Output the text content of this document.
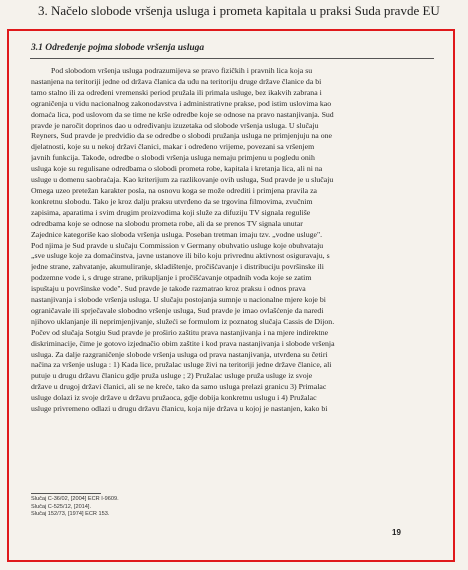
3. Načelo slobode vršenja usluga i prometa kapitala u praksi Suda pravde EU
3.1 Određenje pojma slobode vršenja usluga
Pod slobodom vršenja usluga podrazumijeva se pravo fizičkih i pravnih lica koja su
nastanjena na teritoriji jedne od država članica da uđu na teritoriju druge države članice da bi
tamo stalno ili za određeni vremenski period pružala ili primala usluge, bez ikakvih zabrana i
ograničenja u vidu nacionalnog zakonodavstva i administrativne prakse, pod istim uslovima kao
domaća lica, pod uslovom da se time ne krše odredbe koje se odnose na pravo nastanjivanja. Sud
pravde je naročit doprinos dao u određivanju izuzetaka od slobode vršenja usluga. U slučaju
Reyners, Sud pravde je predvidio da se odredbe o slobodi pružanja usluga ne primjenjuju na one
djelatnosti, koje su u nekoj državi članici, makar i određeno vrijeme, povezani sa vršenjem
javnih funkcija. Takođe, odredbe o slobodi vršenja usluga nemaju primjenu u pogledu onih
usluga koje su regulisane odredbama o slobodi prometa robe, kapitala i kretanja lica, ali ni na
usluge u domenu saobraćaja. Kao kriterijum za razlikovanje ovih usluga, Sud pravde je u slučaju
Omega uzeo pretežan karakter posla, na osnovu koga se može odrediti i primjena pravila za
konkretnu slobodu. Tako je kroz dalju praksu utvrđeno da se trgovina filmovima, zvučnim
zapisima, aparatima i svim drugim proizvodima koji služe za difuziju TV signala reguliše
odredbama koje se odnose na slobodu prometa robe, ali da se prenos TV signala unutar
Zajednice kategoriše kao sloboda vršenja usluga. Poseban tretman imaju tzv. „vodne usluge".
Pod njima je Sud pravde u slučaju Commission v Germany obuhvatio usluge koje obuhvataju
„sve usluge koje za domaćinstva, javne ustanove ili bilo koju privrednu aktivnost osiguravaju, s
jedne strane, zahvatanje, akumuliranje, skladištenje, pročišćavanje i distribuciju površinske ili
podzemne vode i, s druge strane, prikupljanje i pročišćavanje otpadnih voda koje se zatim
ispuštaju u površinske vode". Sud pravde je takođe razmatrao kroz praksu i odnos prava
nastanjivanja i slobode vršenja usluga. U slučaju postojanja sumnje u nacionalne mjere koje bi
ograničavale ili sprječavale slobodno vršenje usluga, Sud pravde je imao ovlašćenje da naredi
njihovo uklanjanje ili neprimjenjivanje, služeći se formulom iz poznatog slučaja Cassis de Dijon.
Počev od slučaja Sotgiu Sud pravde je proširio zaštitu prava nastanjivanja i na mjere indirektne
diskriminacije, čime je gotovo izjednačio obim zaštite i kod prava nastanjivanja i slobode vršenja
usluga. Za dalje razgraničenje slobode vršenja usluga od prava nastanjivanja, utvrđena su četiri
načina za vršenje usluga : 1) Kada lice, pružalac usluge živi na teritoriji jedne države članice, ali
putuje u drugu državu članicu gdje pruža usluge ; 2) Pružalac usluge pruža usluge iz svoje
države u drugoj državi članici, ali se ne kreće, tako da samo usluga prelazi granicu 3) Primalac
usluge dolazi iz svoje države u državu pružaoca, gdje dobija konkretnu uslugu i 4) Pružalac
usluge privremeno odlazi u drugu državu članicu, koja nije država u kojoj je nastanjen, kako bi
Slučaj C-36/02, [2004] ECR I-9609.
Slučaj C-525/12, [2014].
Slučaj 152/73, [1974] ECR 153.
19
